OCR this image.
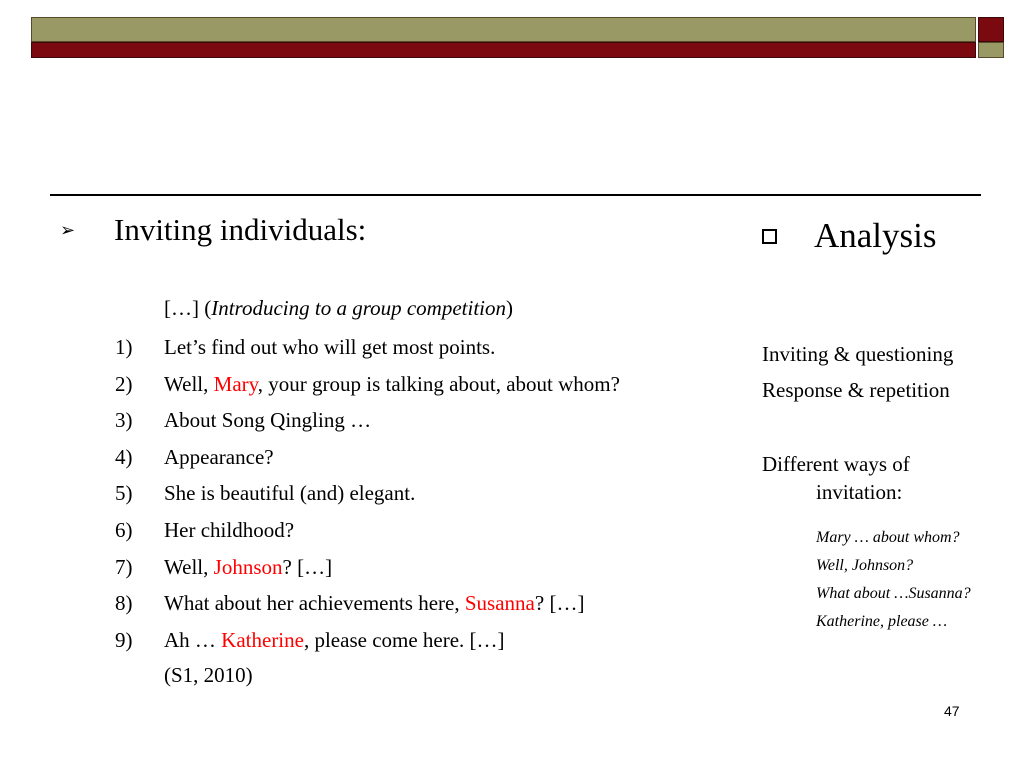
➢	Inviting individuals:
[…] (Introducing to a group competition)
1)	Let’s find out who will get most points.
2)	Well, Mary, your group is talking about, about whom?
3)	About Song Qingling …
4)	Appearance?
5)	She is beautiful (and) elegant.
6)	Her childhood?
7)	Well, Johnson? […]
8)	What about her achievements here, Susanna? […]
9)	Ah … Katherine, please come here. […]
(S1, 2010)
Analysis

Inviting & questioning

Response & repetition

Different ways of

invitation:

Mary … about whom?
Well, Johnson?
What about …Susanna?
Katherine, please …
47
